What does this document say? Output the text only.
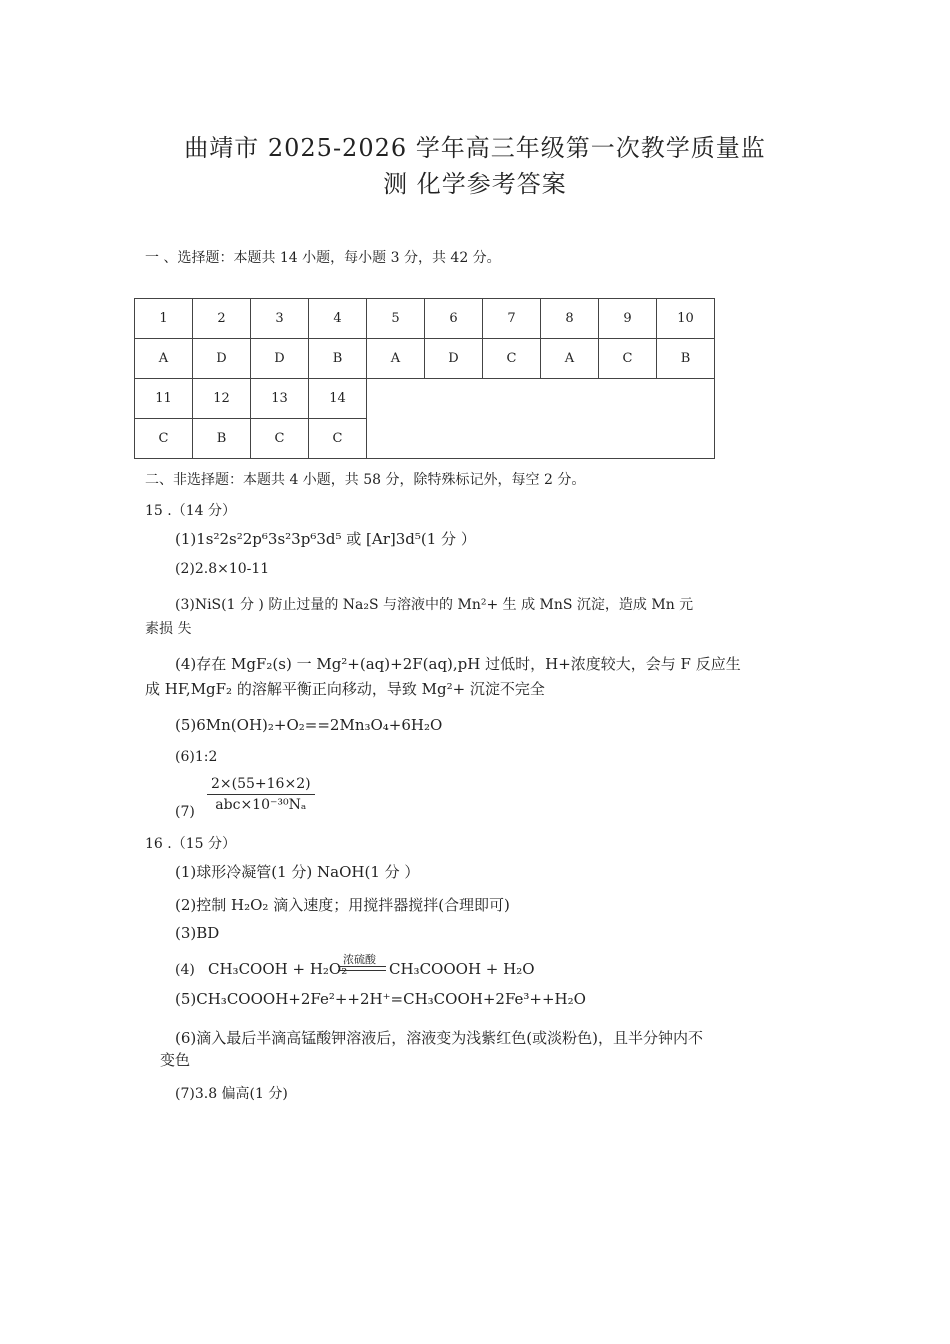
曲靖市 2025-2026 学年高三年级第一次教学质量监
测 化学参考答案
一 、选择题：本题共 14 小题，每小题 3 分，共 42 分。
1	2	3	4	5	6	7	8	9	10
A	D	D	B	A	D	C	A	C	B
11	12	13	14						
C	B	C	C						
二、非选择题：本题共 4 小题，共 58 分，除特殊标记外，每空 2 分。
15 .（14 分）
(1)1s²2s²2p⁶3s²3p⁶3d⁵ 或 [Ar]3d⁵(1 分 ）
(2)2.8×10-11
(3)NiS(1 分 ) 防止过量的 Na₂S 与溶液中的 Mn²+ 生 成 MnS 沉淀，造成 Mn 元
素损 失
(4)存在 MgF₂(s) 一 Mg²+(aq)+2F(aq),pH 过低时，H+浓度较大，会与 F 反应生
成 HF,MgF₂ 的溶解平衡正向移动，导致 Mg²+ 沉淀不完全
(5)6Mn(OH)₂+O₂==2Mn₃O₄+6H₂O
(6)1:2
(7)
2×(55+16×2)
abc×10⁻³⁰Nₐ
16 .（15 分）
(1)球形冷凝管(1 分) NaOH(1 分 ）
(2)控制 H₂O₂ 滴入速度；用搅拌器搅拌(合理即可)
(3)BD
(4) CH₃COOH + H₂O₂
浓硫酸
CH₃COOOH + H₂O
(5)CH₃COOOH+2Fe²++2H⁺=CH₃COOH+2Fe³++H₂O
(6)滴入最后半滴高锰酸钾溶液后，溶液变为浅紫红色(或淡粉色)，且半分钟内不
变色
(7)3.8 偏高(1 分)
